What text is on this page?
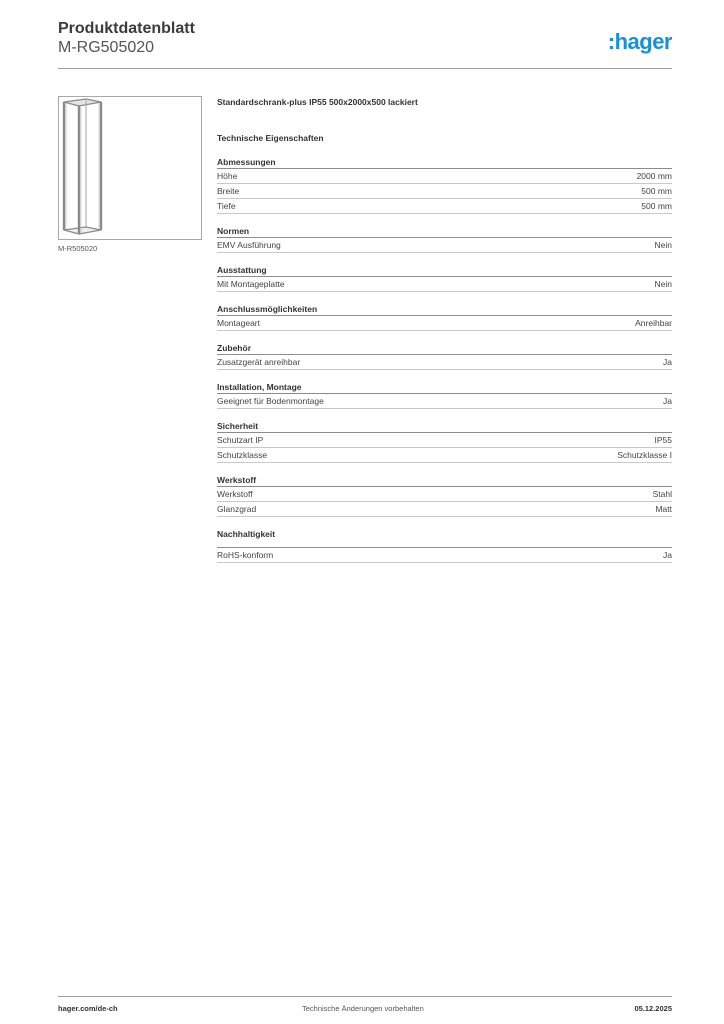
Produktdatenblatt
M-RG505020	:hager
M-R505020
Standardschrank-plus IP55 500x2000x500 lackiert
Technische Eigenschaften
Abmessungen
Höhe	2000 mm
Breite	500 mm
Tiefe	500 mm
Normen
EMV Ausführung	Nein
Ausstattung
Mit Montageplatte	Nein
Anschlussmöglichkeiten
Montageart	Anreihbar
Zubehör
Zusatzgerät anreihbar	Ja
Installation, Montage
Geeignet für Bodenmontage	Ja
Sicherheit
Schutzart IP	IP55
Schutzklasse	Schutzklasse I
Werkstoff
Werkstoff	Stahl
Glanzgrad	Matt
Nachhaltigkeit
RoHS-konform	Ja
hager.com/de-ch	Technische Änderungen vorbehalten	05.12.2025
